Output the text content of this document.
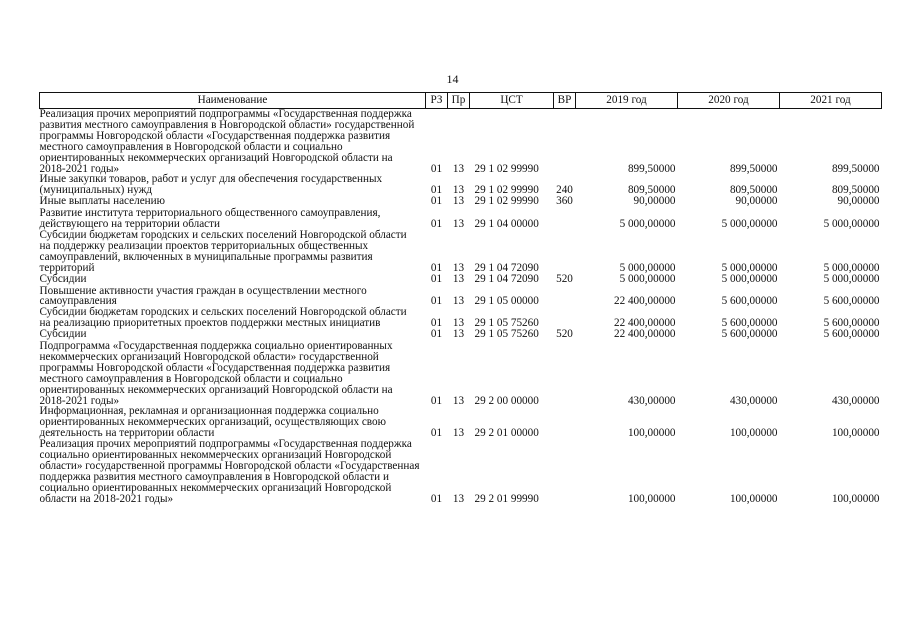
14
Наименование	РЗ	Пр	ЦСТ	ВР	2019 год	2020 год	2021 год
Реализация прочих мероприятий подпрограммы «Государственная поддержка развития местного самоуправления в Новгородской области» государственной программы Новгородской области «Государственная поддержка развития местного самоуправления в Новгородской области и социально ориентированных некоммерческих организаций Новгородской области на 2018-2021 годы»	01	13	29 1 02 99990		899,50000	899,50000	899,50000
Иные закупки товаров, работ и услуг для обеспечения государственных (муниципальных) нужд	01	13	29 1 02 99990	240	809,50000	809,50000	809,50000
Иные выплаты населению	01	13	29 1 02 99990	360	90,00000	90,00000	90,00000
Развитие института территориального общественного самоуправления, действующего на территории области	01	13	29 1 04 00000		5 000,00000	5 000,00000	5 000,00000
Субсидии бюджетам городских и сельских поселений Новгородской области на поддержку реализации проектов территориальных общественных самоуправлений, включенных в муниципальные программы развития территорий	01	13	29 1 04 72090		5 000,00000	5 000,00000	5 000,00000
Субсидии	01	13	29 1 04 72090	520	5 000,00000	5 000,00000	5 000,00000
Повышение активности участия граждан в осуществлении местного самоуправления	01	13	29 1 05 00000		22 400,00000	5 600,00000	5 600,00000
Субсидии бюджетам городских и сельских поселений Новгородской области на реализацию приоритетных проектов поддержки местных инициатив	01	13	29 1 05 75260		22 400,00000	5 600,00000	5 600,00000
Субсидии	01	13	29 1 05 75260	520	22 400,00000	5 600,00000	5 600,00000
Подпрограмма «Государственная поддержка социально ориентированных некоммерческих организаций Новгородской области» государственной программы Новгородской области «Государственная поддержка развития местного самоуправления в Новгородской области и социально ориентированных некоммерческих организаций Новгородской области на 2018-2021 годы»	01	13	29 2 00 00000		430,00000	430,00000	430,00000
Информационная, рекламная и организационная поддержка социально ориентированных некоммерческих организаций, осуществляющих свою деятельность на территории области	01	13	29 2 01 00000		100,00000	100,00000	100,00000
Реализация прочих мероприятий подпрограммы «Государственная поддержка социально ориентированных некоммерческих организаций Новгородской области» государственной программы Новгородской области «Государственная поддержка развития местного самоуправления в Новгородской области и социально ориентированных некоммерческих организаций Новгородской области на 2018-2021 годы»	01	13	29 2 01 99990		100,00000	100,00000	100,00000
